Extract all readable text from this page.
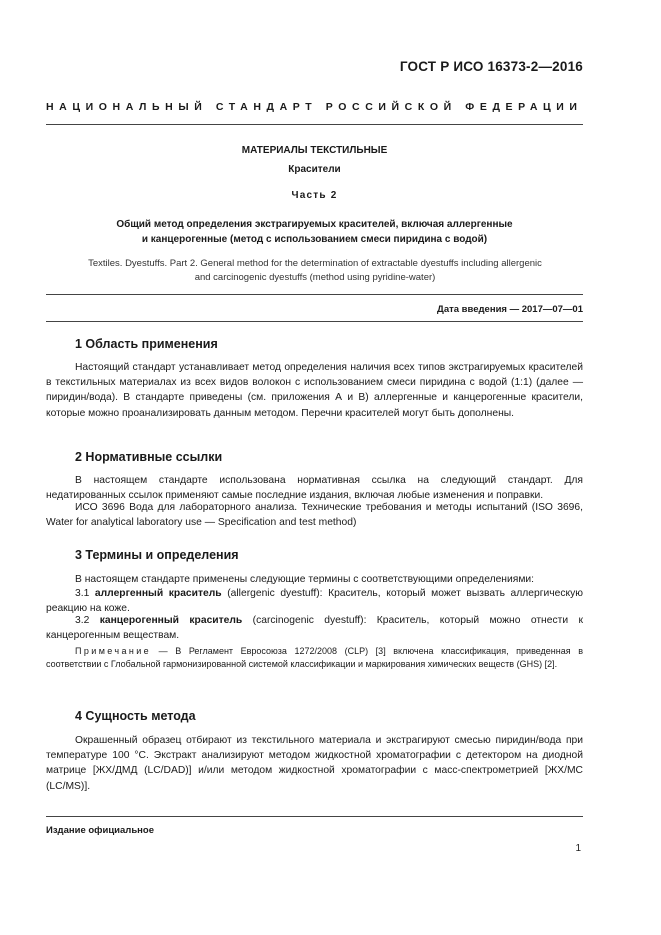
ГОСТ Р ИСО 16373-2—2016
НАЦИОНАЛЬНЫЙ СТАНДАРТ РОССИЙСКОЙ ФЕДЕРАЦИИ
МАТЕРИАЛЫ ТЕКСТИЛЬНЫЕ
Красители
Часть 2
Общий метод определения экстрагируемых красителей, включая аллергенные
и канцерогенные (метод с использованием смеси пиридина с водой)
Textiles. Dyestuffs. Part 2. General method for the determination of extractable dyestuffs including allergenic and carcinogenic dyestuffs (method using pyridine-water)
Дата введения — 2017—07—01
1 Область применения
Настоящий стандарт устанавливает метод определения наличия всех типов экстрагируемых красителей в текстильных материалах из всех видов волокон с использованием смеси пиридина с водой (1:1) (далее — пиридин/вода). В стандарте приведены (см. приложения А и В) аллергенные и канцерогенные красители, которые можно проанализировать данным методом. Перечни красителей могут быть дополнены.
2 Нормативные ссылки
В настоящем стандарте использована нормативная ссылка на следующий стандарт. Для недатированных ссылок применяют самые последние издания, включая любые изменения и поправки.
ИСО 3696 Вода для лабораторного анализа. Технические требования и методы испытаний (ISO 3696, Water for analytical laboratory use — Specification and test method)
3 Термины и определения
В настоящем стандарте применены следующие термины с соответствующими определениями:
3.1 аллергенный краситель (allergenic dyestuff): Краситель, который может вызвать аллергическую реакцию на коже.
3.2 канцерогенный краситель (carcinogenic dyestuff): Краситель, который можно отнести к канцерогенным веществам.
Примечание — В Регламент Евросоюза 1272/2008 (CLP) [3] включена классификация, приведенная в соответствии с Глобальной гармонизированной системой классификации и маркирования химических веществ (GHS) [2].
4 Сущность метода
Окрашенный образец отбирают из текстильного материала и экстрагируют смесью пиридин/вода при температуре 100 °С. Экстракт анализируют методом жидкостной хроматографии с детектором на диодной матрице [ЖХ/ДМД (LC/DAD)] и/или методом жидкостной хроматографии с масс-спектрометрией [ЖХ/МС (LC/MS)].
Издание официальное
1
